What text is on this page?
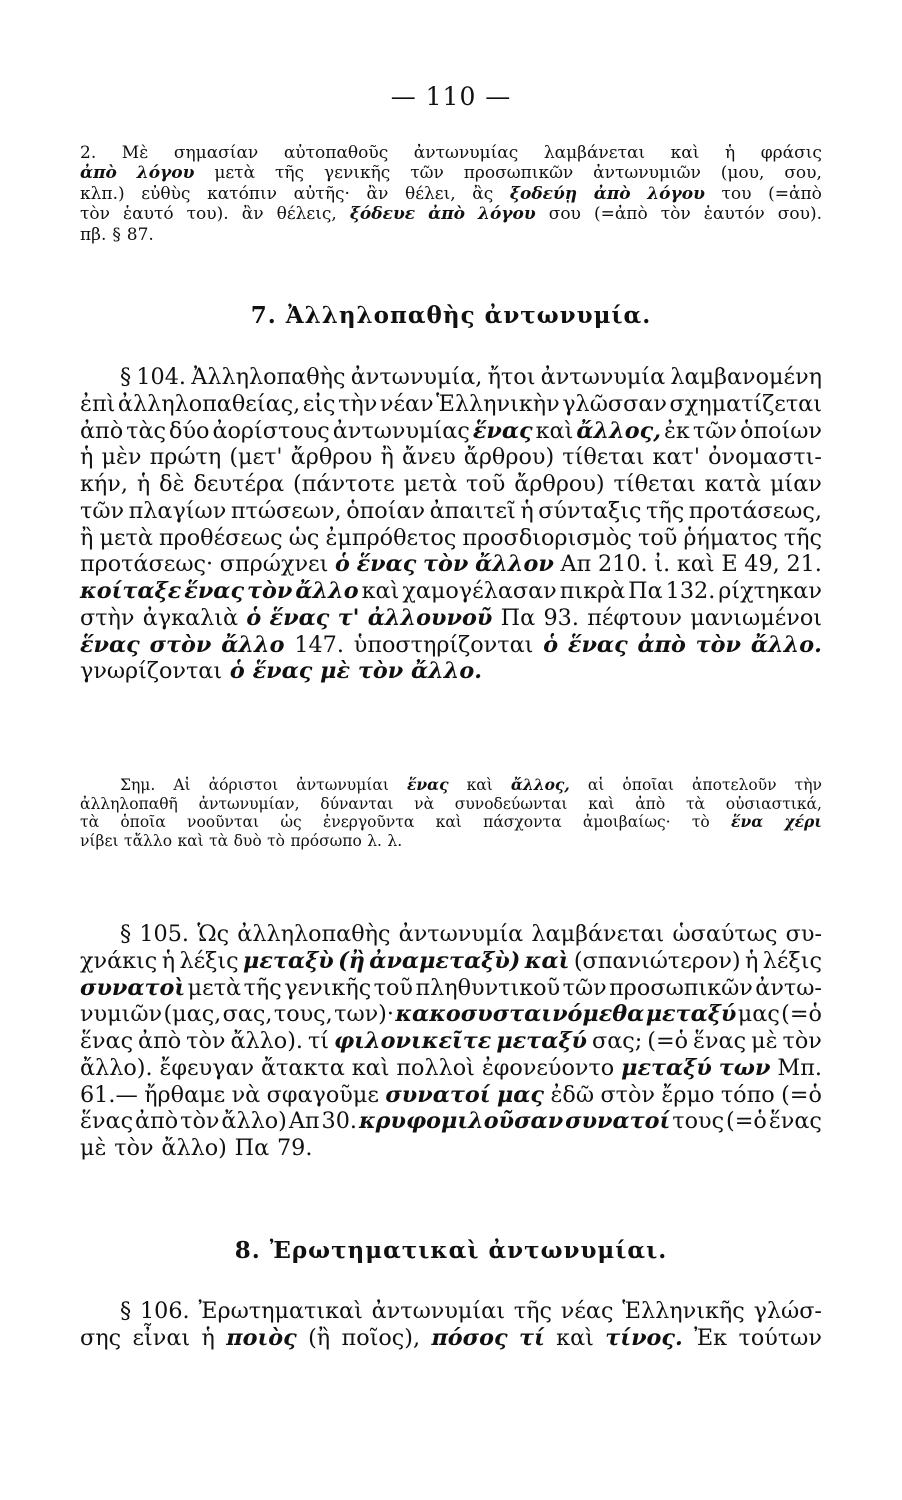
— 110 —
2. Μὲ σημασίαν αὐτοπαθοῦς ἀντωνυμίας λαμβάνεται καὶ ἡ φράσις
ἀπὸ λόγου μετὰ τῆς γενικῆς τῶν προσωπικῶν ἀντωνυμιῶν (μου, σου,
κλπ.) εὐθὺς κατόπιν αὐτῆς· ἂν θέλει, ἂς ξοδεύῃ ἀπὸ λόγου του (=ἀπὸ
τὸν ἑαυτό του). ἂν θέλεις, ξόδευε ἀπὸ λόγου σου (=ἀπὸ τὸν ἑαυτόν σου).
πβ. § 87.
7. Ἀλληλοπαθὴς ἀντωνυμία.
§ 104. Ἀλληλοπαθὴς ἀντωνυμία, ἤτοι ἀντωνυμία λαμβανομένη
ἐπὶ ἀλληλοπαθείας, εἰς τὴν νέαν Ἑλληνικὴν γλῶσσαν σχηματίζεται
ἀπὸ τὰς δύο ἀορίστους ἀντωνυμίας ἕνας καὶ ἄλλος, ἐκ τῶν ὁποίων
ἡ μὲν πρώτη (μετ' ἄρθρου ἢ ἄνευ ἄρθρου) τίθεται κατ' ὀνομαστι-
κήν, ἡ δὲ δευτέρα (πάντοτε μετὰ τοῦ ἄρθρου) τίθεται κατὰ μίαν
τῶν πλαγίων πτώσεων, ὁποίαν ἀπαιτεῖ ἡ σύνταξις τῆς προτάσεως,
ἢ μετὰ προθέσεως ὡς ἐμπρόθετος προσδιορισμὸς τοῦ ῥήματος τῆς
προτάσεως· σπρώχνει ὁ ἕνας τὸν ἄλλον Απ 210. ἰ. καὶ Ε 49, 21.
κοίταξε ἕνας τὸν ἄλλο καὶ χαμογέλασαν πικρὰ Πα 132. ρίχτηκαν
στὴν ἀγκαλιὰ ὁ ἕνας τ' ἀλλουνοῦ Πα 93. πέφτουν μανιωμένοι
ἕνας στὸν ἄλλο 147. ὑποστηρίζονται ὁ ἕνας ἀπὸ τὸν ἄλλο.
γνωρίζονται ὁ ἕνας μὲ τὸν ἄλλο.
Σημ. Αἱ ἀόριστοι ἀντωνυμίαι ἕνας καὶ ἄλλος, αἱ ὁποῖαι ἀποτελοῦν τὴν
ἀλληλοπαθῆ ἀντωνυμίαν, δύνανται νὰ συνοδεύωνται καὶ ἀπὸ τὰ οὐσιαστικά,
τὰ ὁποῖα νοοῦνται ὡς ἐνεργοῦντα καὶ πάσχοντα ἀμοιβαίως· τὸ ἕνα χέρι
νίβει τἄλλο καὶ τὰ δυὸ τὸ πρόσωπο λ. λ.
§ 105. Ὡς ἀλληλοπαθὴς ἀντωνυμία λαμβάνεται ὡσαύτως συ-
χνάκις ἡ λέξις μεταξὺ (ἢ ἀναμεταξὺ) καὶ (σπανιώτερον) ἡ λέξις
συνατοὶ μετὰ τῆς γενικῆς τοῦ πληθυντικοῦ τῶν προσωπικῶν ἀντω-
νυμιῶν (μας, σας, τους, των)· κακοσυσταινόμεθα μεταξύ μας (=ὁ
ἕνας ἀπὸ τὸν ἄλλο). τί φιλονικεῖτε μεταξύ σας; (=ὁ ἕνας μὲ τὸν
ἄλλο). ἔφευγαν ἄτακτα καὶ πολλοὶ ἐφονεύοντο μεταξύ των Μπ.
61.— ἤρθαμε νὰ σφαγοῦμε συνατοί μας ἐδῶ στὸν ἔρμο τόπο (=ὁ
ἕνας ἀπὸ τὸν ἄλλο) Απ 30. κρυφομιλοῦσαν συνατοί τους (=ὁ ἕνας
μὲ τὸν ἄλλο) Πα 79.
8. Ἐρωτηματικαὶ ἀντωνυμίαι.
§ 106. Ἐρωτηματικαὶ ἀντωνυμίαι τῆς νέας Ἑλληνικῆς γλώσ-
σης εἶναι ἡ ποιὸς (ἢ ποῖος), πόσος τί καὶ τίνος. Ἐκ τούτων
